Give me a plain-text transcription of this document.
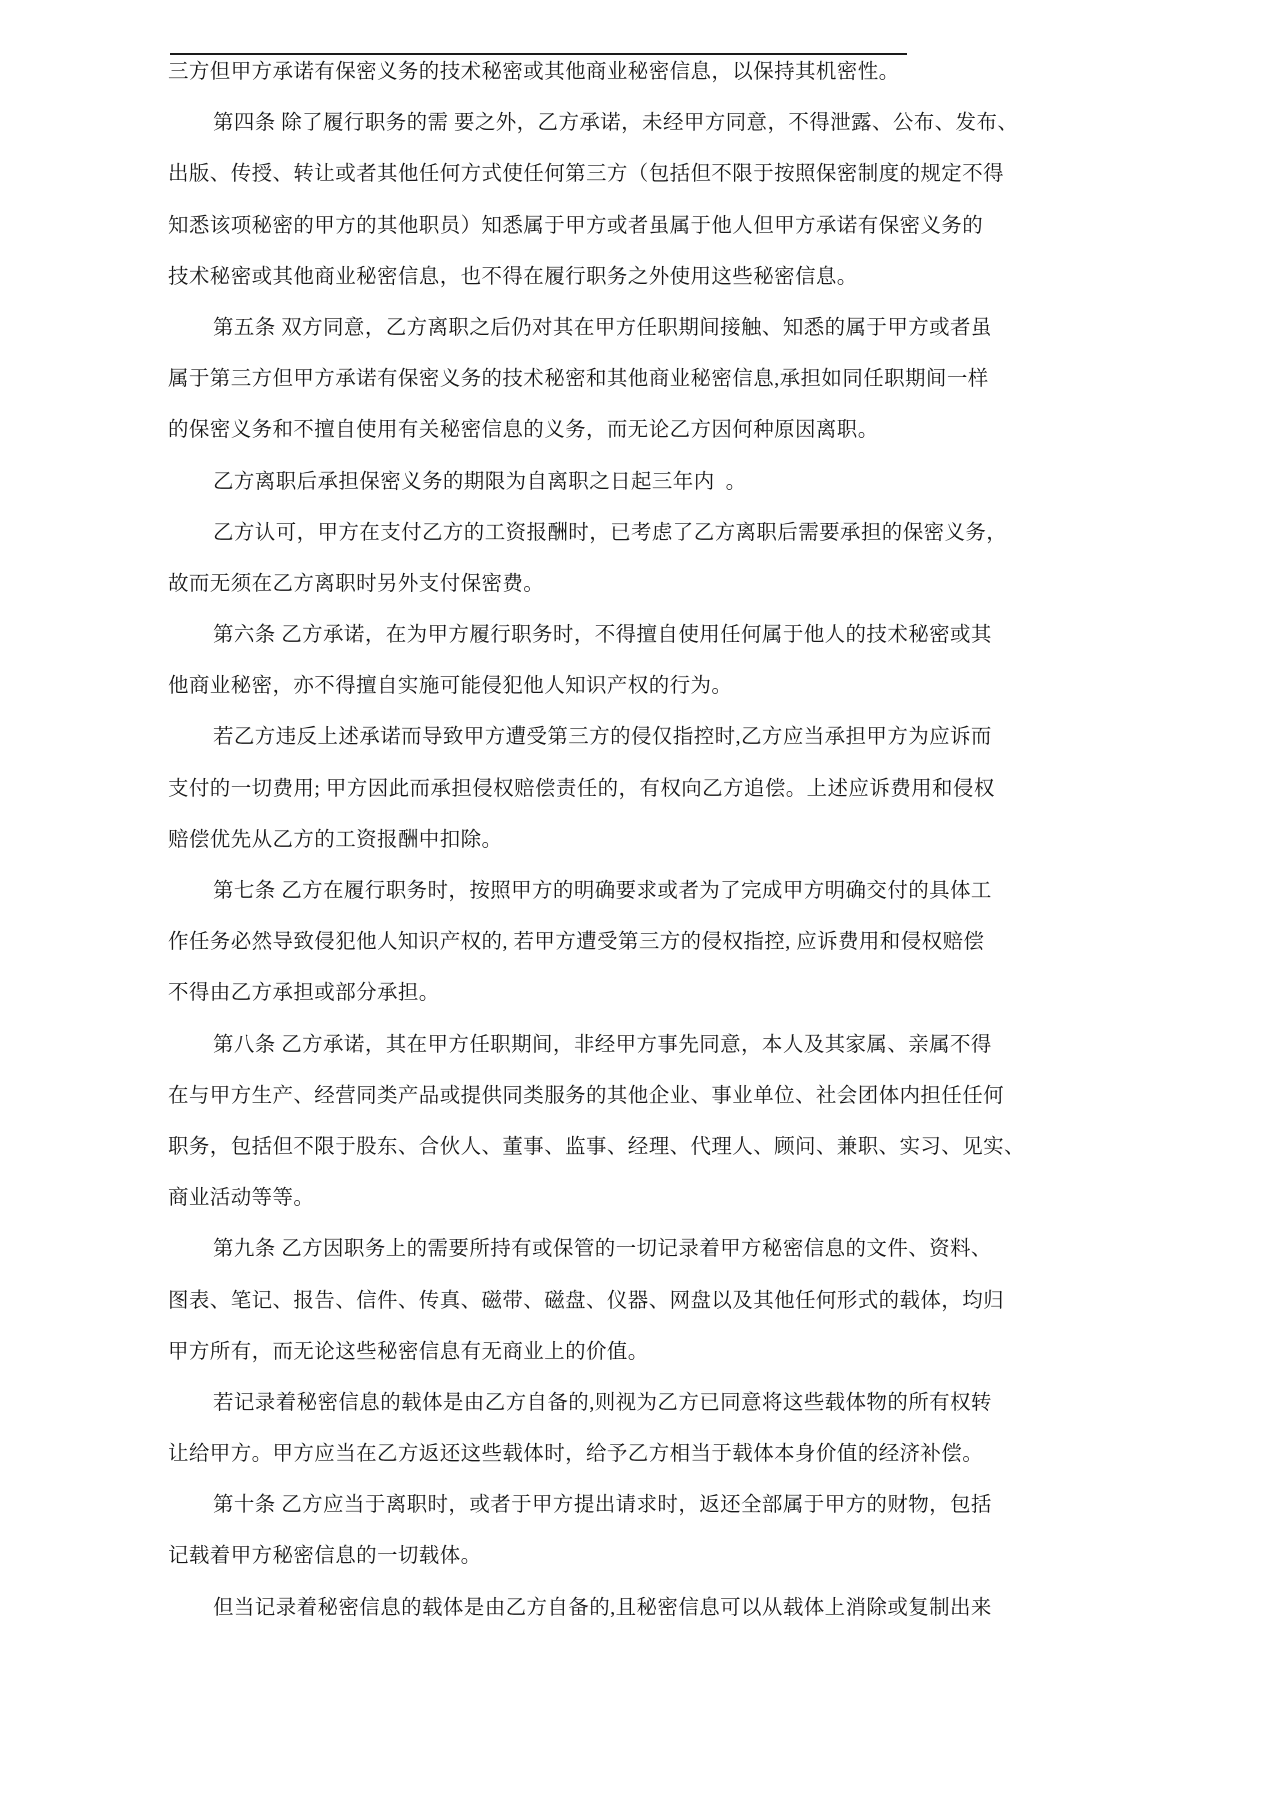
三方但甲方承诺有保密义务的技术秘密或其他商业秘密信息，以保持其机密性。
第四条 除了履行职务的需 要之外，乙方承诺，未经甲方同意，不得泄露、公布、发布、
出版、传授、转让或者其他任何方式使任何第三方（包括但不限于按照保密制度的规定不得
知悉该项秘密的甲方的其他职员）知悉属于甲方或者虽属于他人但甲方承诺有保密义务的
技术秘密或其他商业秘密信息，也不得在履行职务之外使用这些秘密信息。
第五条 双方同意，乙方离职之后仍对其在甲方任职期间接触、知悉的属于甲方或者虽
属于第三方但甲方承诺有保密义务的技术秘密和其他商业秘密信息,承担如同任职期间一样
的保密义务和不擅自使用有关秘密信息的义务，而无论乙方因何种原因离职。
乙方离职后承担保密义务的期限为自离职之日起三年内  。
乙方认可，甲方在支付乙方的工资报酬时，已考虑了乙方离职后需要承担的保密义务，
故而无须在乙方离职时另外支付保密费。
第六条 乙方承诺，在为甲方履行职务时，不得擅自使用任何属于他人的技术秘密或其
他商业秘密，亦不得擅自实施可能侵犯他人知识产权的行为。
若乙方违反上述承诺而导致甲方遭受第三方的侵仅指控时,乙方应当承担甲方为应诉而
支付的一切费用; 甲方因此而承担侵权赔偿责任的，有权向乙方追偿。上述应诉费用和侵权
赔偿优先从乙方的工资报酬中扣除。
第七条 乙方在履行职务时，按照甲方的明确要求或者为了完成甲方明确交付的具体工
作任务必然导致侵犯他人知识产权的, 若甲方遭受第三方的侵权指控, 应诉费用和侵权赔偿
不得由乙方承担或部分承担。
第八条 乙方承诺，其在甲方任职期间，非经甲方事先同意，本人及其家属、亲属不得
在与甲方生产、经营同类产品或提供同类服务的其他企业、事业单位、社会团体内担任任何
职务，包括但不限于股东、合伙人、董事、监事、经理、代理人、顾问、兼职、实习、见实、
商业活动等等。
第九条 乙方因职务上的需要所持有或保管的一切记录着甲方秘密信息的文件、资料、
图表、笔记、报告、信件、传真、磁带、磁盘、仪器、网盘以及其他任何形式的载体，均归
甲方所有，而无论这些秘密信息有无商业上的价值。
若记录着秘密信息的载体是由乙方自备的,则视为乙方已同意将这些载体物的所有权转
让给甲方。甲方应当在乙方返还这些载体时，给予乙方相当于载体本身价值的经济补偿。
第十条 乙方应当于离职时，或者于甲方提出请求时，返还全部属于甲方的财物，包括
记载着甲方秘密信息的一切载体。
但当记录着秘密信息的载体是由乙方自备的,且秘密信息可以从载体上消除或复制出来
